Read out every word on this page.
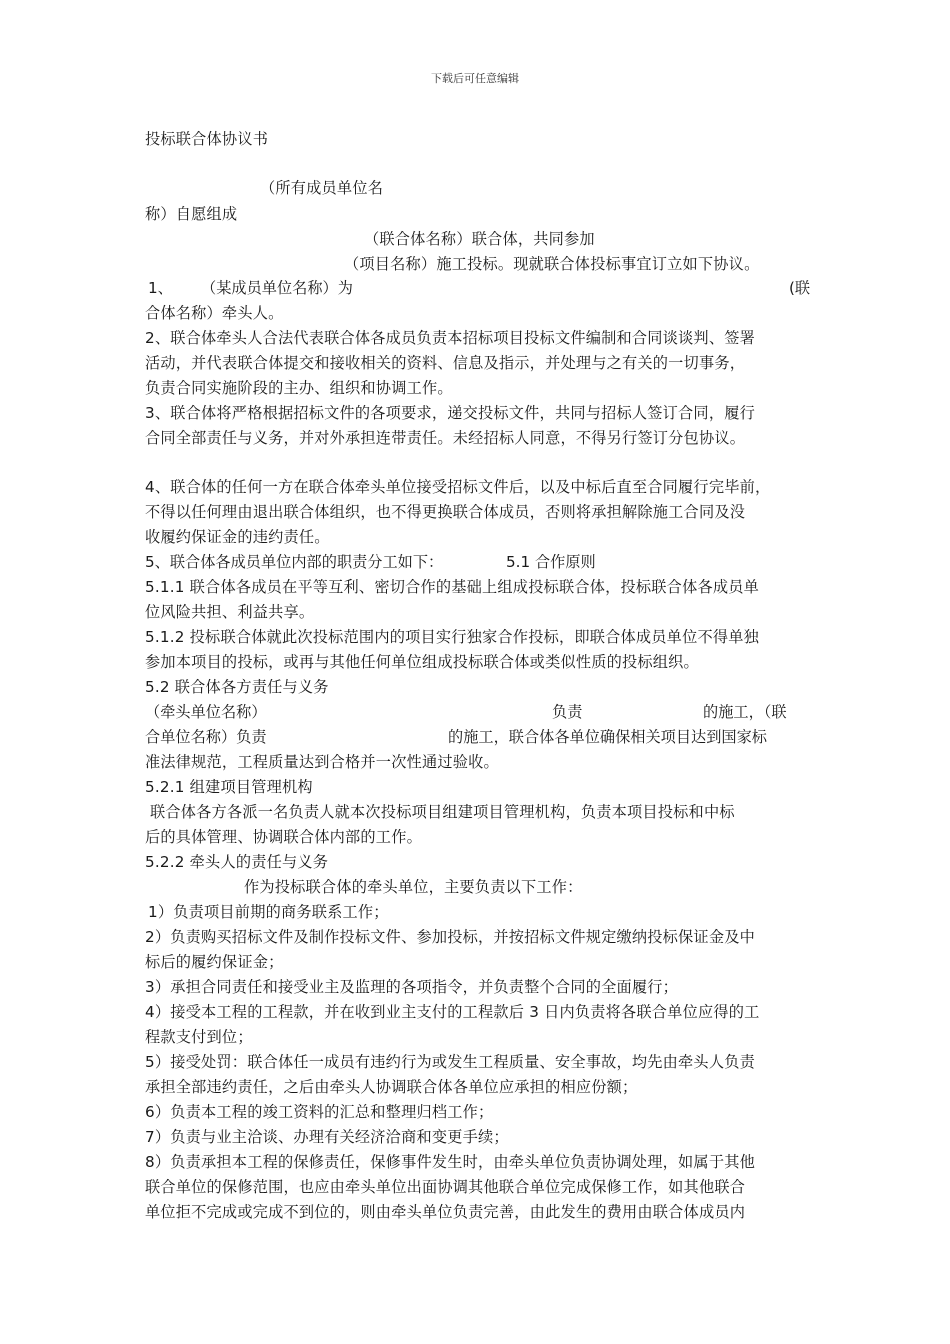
下载后可任意编辑
投标联合体协议书
（所有成员单位名
称）自愿组成
（联合体名称）联合体，共同参加
（项目名称）施工投标。现就联合体投标事宜订立如下协议。
1、 （某成员单位名称）为	(联
合体名称）牵头人。
2、联合体牵头人合法代表联合体各成员负责本招标项目投标文件编制和合同谈谈判、签署
活动，并代表联合体提交和接收相关的资料、信息及指示，并处理与之有关的一切事务，
负责合同实施阶段的主办、组织和协调工作。
3、联合体将严格根据招标文件的各项要求，递交投标文件，共同与招标人签订合同，履行
合同全部责任与义务，并对外承担连带责任。未经招标人同意，不得另行签订分包协议。
4、联合体的任何一方在联合体牵头单位接受招标文件后，以及中标后直至合同履行完毕前，
不得以任何理由退出联合体组织，也不得更换联合体成员，否则将承担解除施工合同及没
收履约保证金的违约责任。
5、联合体各成员单位内部的职责分工如下：	5.1 合作原则
5.1.1 联合体各成员在平等互利、密切合作的基础上组成投标联合体，投标联合体各成员单
位风险共担、利益共享。
5.1.2 投标联合体就此次投标范围内的项目实行独家合作投标，即联合体成员单位不得单独
参加本项目的投标，或再与其他任何单位组成投标联合体或类似性质的投标组织。
5.2 联合体各方责任与义务
（牵头单位名称）	负责	的施工，（联
合单位名称）负责	的施工，联合体各单位确保相关项目达到国家标
准法律规范，工程质量达到合格并一次性通过验收。
5.2.1 组建项目管理机构
联合体各方各派一名负责人就本次投标项目组建项目管理机构，负责本项目投标和中标
后的具体管理、协调联合体内部的工作。
5.2.2 牵头人的责任与义务
作为投标联合体的牵头单位，主要负责以下工作：
1）负责项目前期的商务联系工作；
2）负责购买招标文件及制作投标文件、参加投标，并按招标文件规定缴纳投标保证金及中
标后的履约保证金；
3）承担合同责任和接受业主及监理的各项指令，并负责整个合同的全面履行；
4）接受本工程的工程款，并在收到业主支付的工程款后 3 日内负责将各联合单位应得的工
程款支付到位；
5）接受处罚：联合体任一成员有违约行为或发生工程质量、安全事故，均先由牵头人负责
承担全部违约责任，之后由牵头人协调联合体各单位应承担的相应份额；
6）负责本工程的竣工资料的汇总和整理归档工作；
7）负责与业主洽谈、办理有关经济洽商和变更手续；
8）负责承担本工程的保修责任，保修事件发生时，由牵头单位负责协调处理，如属于其他
联合单位的保修范围，也应由牵头单位出面协调其他联合单位完成保修工作，如其他联合
单位拒不完成或完成不到位的，则由牵头单位负责完善，由此发生的费用由联合体成员内
